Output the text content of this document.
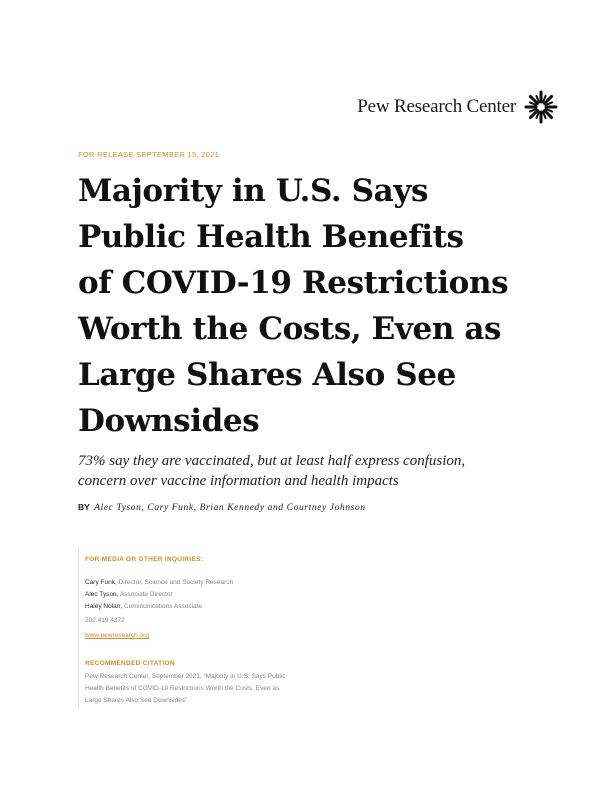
Pew Research Center
FOR RELEASE SEPTEMBER 15, 2021
Majority in U.S. Says
Public Health Benefits
of COVID-19 Restrictions
Worth the Costs, Even as
Large Shares Also See
Downsides
73% say they are vaccinated, but at least half express confusion,
concern over vaccine information and health impacts
BY Alec Tyson, Cary Funk, Brian Kennedy and Courtney Johnson
FOR MEDIA OR OTHER INQUIRIES:
Cary Funk, Director, Science and Society Research
Alec Tyson, Associate Director
Haley Nolan, Communications Associate
202.419.4372
www.pewresearch.org
RECOMMENDED CITATION
Pew Research Center, September 2021, “Majority in U.S. Says Public
Health Benefits of COVID-19 Restrictions Worth the Costs, Even as
Large Shares Also See Downsides”
